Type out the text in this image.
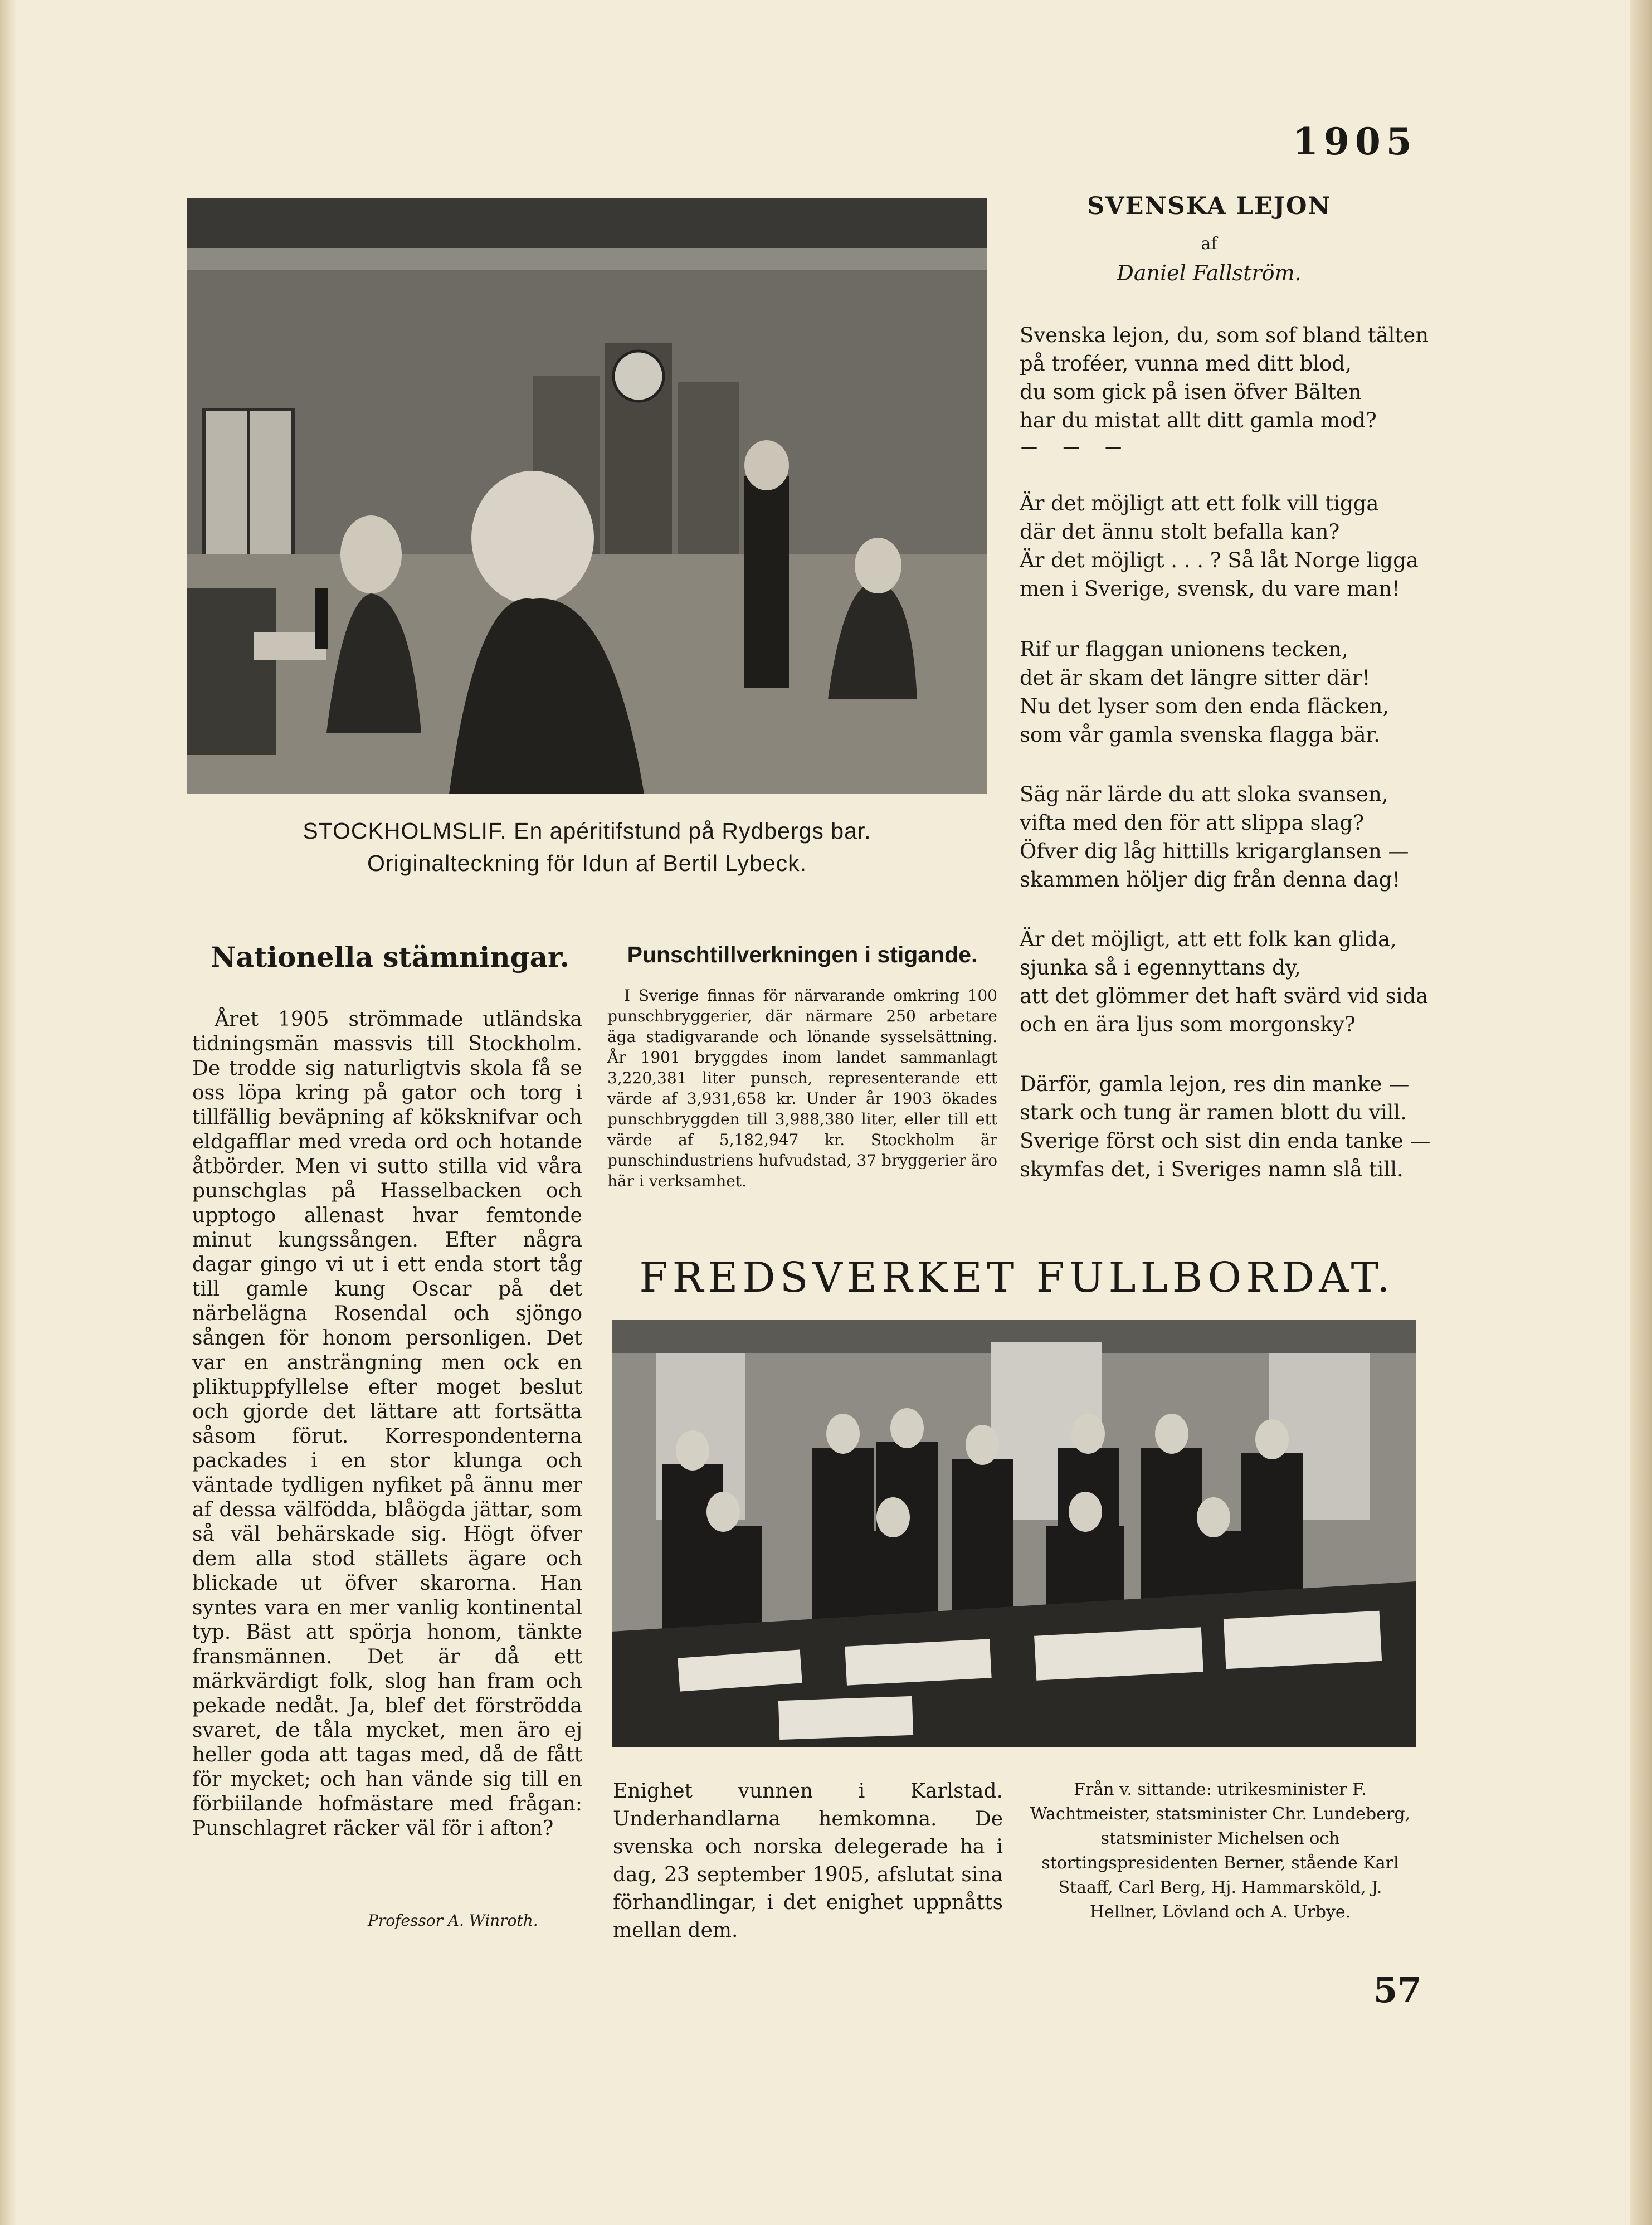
1905
STOCKHOLMSLIF. En apéritifstund på Rydbergs bar.
Originalteckning för Idun af Bertil Lybeck.
SVENSKA LEJON
af
Daniel Fallström.
Svenska lejon, du, som sof bland tälten
på troféer, vunna med ditt blod,
du som gick på isen öfver Bälten
har du mistat allt ditt gamla mod?
— — —
Är det möjligt att ett folk vill tigga
där det ännu stolt befalla kan?
Är det möjligt . . . ? Så låt Norge ligga
men i Sverige, svensk, du vare man!
Rif ur flaggan unionens tecken,
det är skam det längre sitter där!
Nu det lyser som den enda fläcken,
som vår gamla svenska flagga bär.
Säg när lärde du att sloka svansen,
vifta med den för att slippa slag?
Öfver dig låg hittills krigarglansen —
skammen höljer dig från denna dag!
Är det möjligt, att ett folk kan glida,
sjunka så i egennyttans dy,
att det glömmer det haft svärd vid sida
och en ära ljus som morgonsky?
Därför, gamla lejon, res din manke —
stark och tung är ramen blott du vill.
Sverige först och sist din enda tanke —
skymfas det, i Sveriges namn slå till.
Nationella stämningar.

Året 1905 strömmade utländska tidningsmän massvis till Stockholm. De trodde sig naturligtvis skola få se oss löpa kring på gator och torg i tillfällig beväpning af köksknifvar och eldgafflar med vreda ord och hotande åtbörder. Men vi sutto stilla vid våra punschglas på Hasselbacken och upptogo allenast hvar femtonde minut kungssången. Efter några dagar gingo vi ut i ett enda stort tåg till gamle kung Oscar på det närbelägna Rosendal och sjöngo sången för honom personligen. Det var en ansträngning men ock en pliktuppfyllelse efter moget beslut och gjorde det lättare att fortsätta såsom förut. Korrespondenterna packades i en stor klunga och väntade tydligen nyfiket på ännu mer af dessa välfödda, blåögda jättar, som så väl behärskade sig. Högt öfver dem alla stod ställets ägare och blickade ut öfver skarorna. Han syntes vara en mer vanlig kontinental typ. Bäst att spörja honom, tänkte fransmännen. Det är då ett märkvärdigt folk, slog han fram och pekade nedåt. Ja, blef det förströdda svaret, de tåla mycket, men äro ej heller goda att tagas med, då de fått för mycket; och han vände sig till en förbiilande hofmästare med frågan: Punschlagret räcker väl för i afton?

Professor A. Winroth.
Punschtillverkningen i stigande.

I Sverige finnas för närvarande omkring 100 punschbryggerier, där närmare 250 arbetare äga stadigvarande och lönande sysselsättning. År 1901 bryggdes inom landet sammanlagt 3,220,381 liter punsch, representerande ett värde af 3,931,658 kr. Under år 1903 ökades punschbryggden till 3,988,380 liter, eller till ett värde af 5,182,947 kr. Stockholm är punschindustriens hufvudstad, 37 bryggerier äro här i verksamhet.

FREDSVERKET FULLBORDAT.
Enighet vunnen i Karlstad. Underhandlarna hemkomna. De svenska och norska delegerade ha i dag, 23 september 1905, afslutat sina förhandlingar, i det enighet uppnåtts mellan dem.
Från v. sittande: utrikesminister F. Wachtmeister, statsminister Chr. Lundeberg, statsminister Michelsen och stortingspresidenten Berner, stående Karl Staaff, Carl Berg, Hj. Hammarsköld, J. Hellner, Lövland och A. Urbye.
57
